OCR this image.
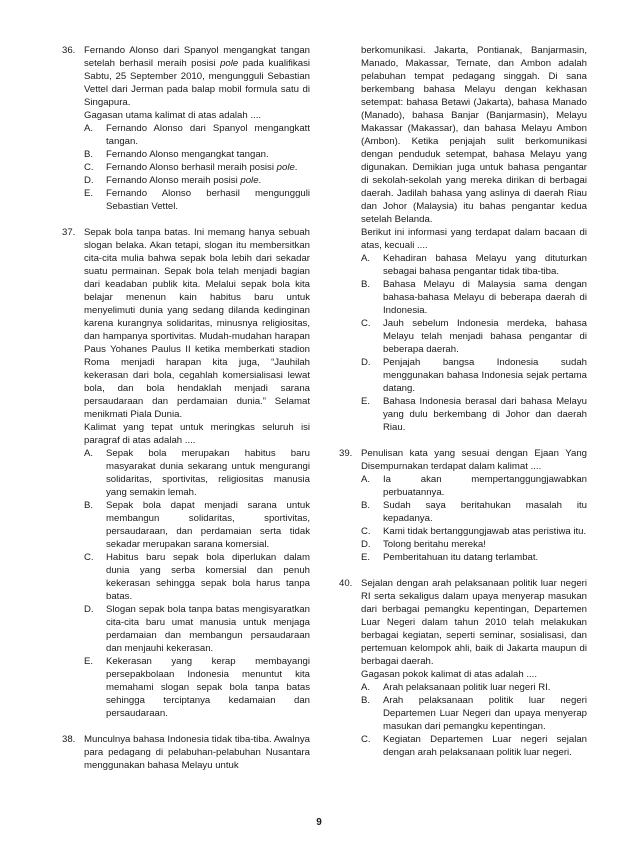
36. Fernando Alonso dari Spanyol mengangkat tangan setelah berhasil meraih posisi pole pada kualifikasi Sabtu, 25 September 2010, mengungguli Sebastian Vettel dari Jerman pada balap mobil formula satu di Singapura.

Gagasan utama kalimat di atas adalah ....

A. Fernando Alonso dari Spanyol mengangkatt tangan.
B. Fernando Alonso mengangkat tangan.
C. Fernando Alonso berhasil meraih posisi pole.
D. Fernando Alonso meraih posisi pole.
E. Fernando Alonso berhasil mengungguli Sebastian Vettel.
37. Sepak bola tanpa batas. Ini memang hanya sebuah slogan belaka. Akan tetapi, slogan itu membersitkan cita-cita mulia bahwa sepak bola lebih dari sekadar suatu permainan. Sepak bola telah menjadi bagian dari keadaban publik kita. Melalui sepak bola kita belajar menenun kain habitus baru untuk menyelimuti dunia yang sedang dilanda kedinginan karena kurangnya solidaritas, minusnya religiositas, dan hampanya sportivitas. Mudah-mudahan harapan Paus Yohanes Paulus II ketika memberkati stadion Roma menjadi harapan kita juga, “Jauhilah kekerasan dari bola, cegahlah komersialisasi lewat bola, dan bola hendaklah menjadi sarana persaudaraan dan perdamaian dunia.” Selamat menikmati Piala Dunia.

Kalimat yang tepat untuk meringkas seluruh isi paragraf di atas adalah ....

A. Sepak bola merupakan habitus baru masyarakat dunia sekarang untuk mengurangi solidaritas, sportivitas, religiositas manusia yang semakin lemah.
B. Sepak bola dapat menjadi sarana untuk membangun solidaritas, sportivitas, persaudaraan, dan perdamaian serta tidak sekadar merupakan sarana komersial.
C. Habitus baru sepak bola diperlukan dalam dunia yang serba komersial dan penuh kekerasan sehingga sepak bola harus tanpa batas.
D. Slogan sepak bola tanpa batas mengisyaratkan cita-cita baru umat manusia untuk menjaga perdamaian dan membangun persaudaraan dan menjauhi kekerasan.
E. Kekerasan yang kerap membayangi persepakbolaan Indonesia menuntut kita memahami slogan sepak bola tanpa batas sehingga terciptanya kedamaian dan persaudaraan.
38. Munculnya bahasa Indonesia tidak tiba-tiba. Awalnya para pedagang di pelabuhan-pelabuhan Nusantara menggunakan bahasa Melayu untuk

berkomunikasi. Jakarta, Pontianak, Banjarmasin, Manado, Makassar, Ternate, dan Ambon adalah pelabuhan tempat pedagang singgah. Di sana berkembang bahasa Melayu dengan kekhasan setempat: bahasa Betawi (Jakarta), bahasa Manado (Manado), bahasa Banjar (Banjarmasin), Melayu Makassar (Makassar), dan bahasa Melayu Ambon (Ambon). Ketika penjajah sulit berkomunikasi dengan penduduk setempat, bahasa Melayu yang digunakan. Demikian juga untuk bahasa pengantar di sekolah-sekolah yang mereka dirikan di berbagai daerah. Jadilah bahasa yang aslinya di daerah Riau dan Johor (Malaysia) itu bahas pengantar kedua setelah Belanda.

Berikut ini informasi yang terdapat dalam bacaan di atas, kecuali ....

A. Kehadiran bahasa Melayu yang dituturkan sebagai bahasa pengantar tidak tiba-tiba.
B. Bahasa Melayu di Malaysia sama dengan bahasa-bahasa Melayu di beberapa daerah di Indonesia.
C. Jauh sebelum Indonesia merdeka, bahasa Melayu telah menjadi bahasa pengantar di beberapa daerah.
D. Penjajah bangsa Indonesia sudah menggunakan bahasa Indonesia sejak pertama datang.
E. Bahasa Indonesia berasal dari bahasa Melayu yang dulu berkembang di Johor dan daerah Riau.
39. Penulisan kata yang sesuai dengan Ejaan Yang Disempurnakan terdapat dalam kalimat ....

A. Ia akan mempertanggungjawabkan perbuatannya.
B. Sudah saya beritahukan masalah itu kepadanya.
C. Kami tidak bertanggungjawab atas peristiwa itu.
D. Tolong beritahu mereka!
E. Pemberitahuan itu datang terlambat.
40. Sejalan dengan arah pelaksanaan politik luar negeri RI serta sekaligus dalam upaya menyerap masukan dari berbagai pemangku kepentingan, Departemen Luar Negeri dalam tahun 2010 telah melakukan berbagai kegiatan, seperti seminar, sosialisasi, dan pertemuan kelompok ahli, baik di Jakarta maupun di berbagai daerah.

Gagasan pokok kalimat di atas adalah ....

A. Arah pelaksanaan politik luar negeri RI.
B. Arah pelaksanaan politik luar negeri Departemen Luar Negeri dan upaya menyerap masukan dari pemangku kepentingan.
C. Kegiatan Departemen Luar negeri sejalan dengan arah pelaksanaan politik luar negeri.
9
